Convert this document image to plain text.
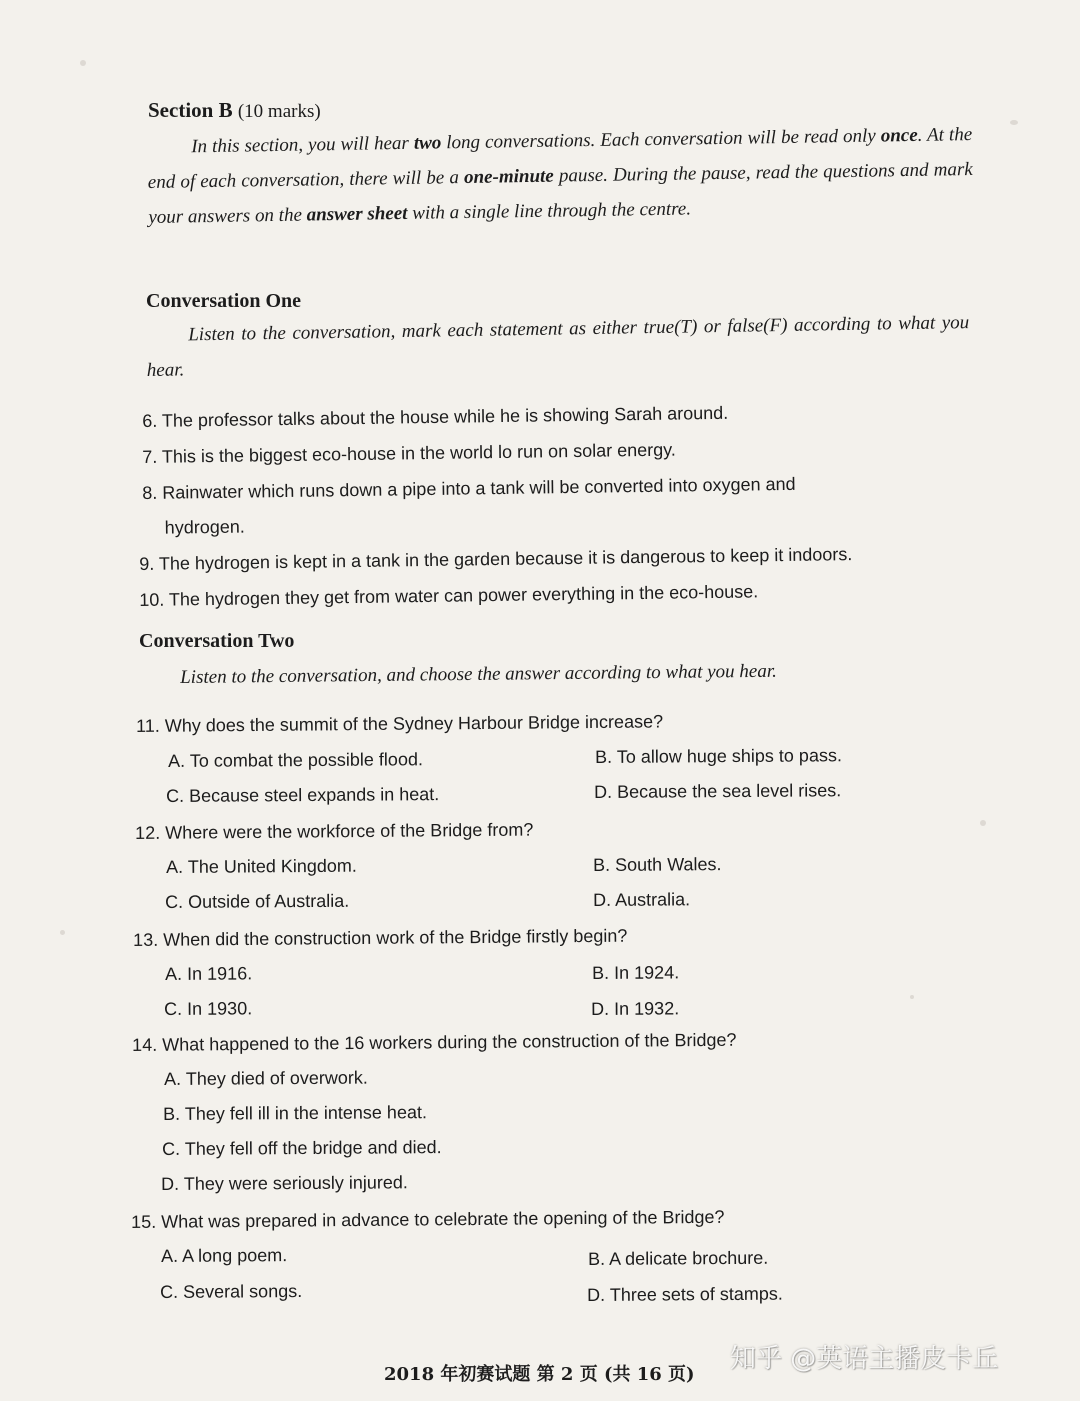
Section B (10 marks)
In this section, you will hear two long conversations. Each conversation will be read only once. At the end of each conversation, there will be a one-minute pause. During the pause, read the questions and mark your answers on the answer sheet with a single line through the centre.
Conversation One
Listen to the conversation, mark each statement as either true(T) or false(F) according to what you hear.
6. The professor talks about the house while he is showing Sarah around.
7. This is the biggest eco-house in the world lo run on solar energy.
8. Rainwater which runs down a pipe into a tank will be converted into oxygen and
hydrogen.
9. The hydrogen is kept in a tank in the garden because it is dangerous to keep it indoors.
10. The hydrogen they get from water can power everything in the eco-house.
Conversation Two
Listen to the conversation, and choose the answer according to what you hear.
11. Why does the summit of the Sydney Harbour Bridge increase?
A. To combat the possible flood.	B. To allow huge ships to pass.
C. Because steel expands in heat.	D. Because the sea level rises.
12. Where were the workforce of the Bridge from?
A. The United Kingdom.	B. South Wales.
C. Outside of Australia.	D. Australia.
13. When did the construction work of the Bridge firstly begin?
A. In 1916.	B. In 1924.
C. In 1930.	D. In 1932.
14. What happened to the 16 workers during the construction of the Bridge?
A. They died of overwork.
B. They fell ill in the intense heat.
C. They fell off the bridge and died.
D. They were seriously injured.
15. What was prepared in advance to celebrate the opening of the Bridge?
A. A long poem.	B. A delicate brochure.
C. Several songs.	D. Three sets of stamps.
2018 年初赛试题 第 2 页 (共 16 页)
知乎 @英语主播皮卡丘
